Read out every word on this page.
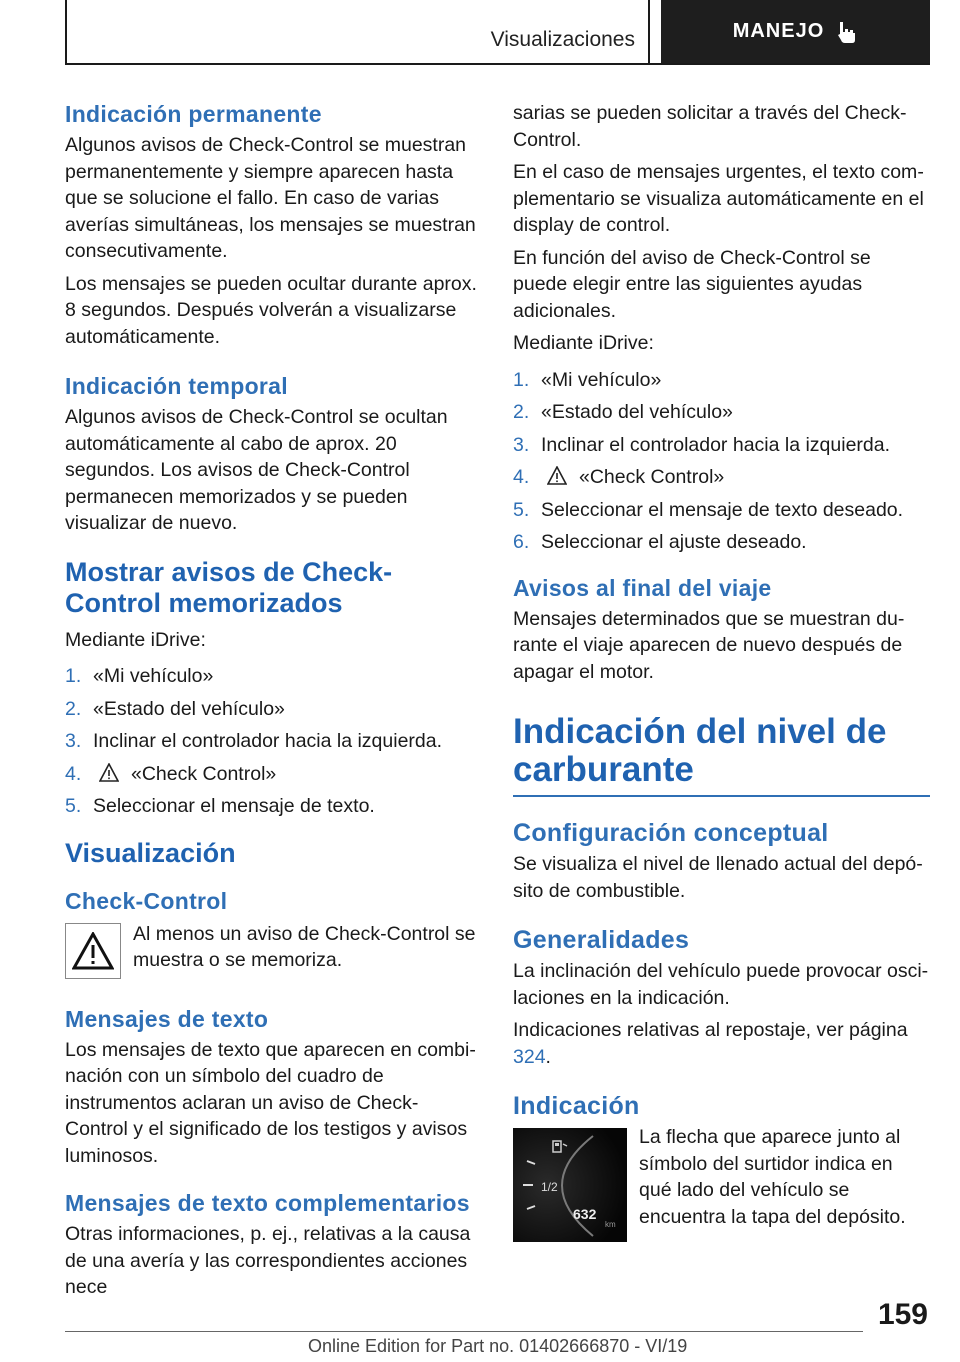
Visualizaciones	MANEJO
Indicación permanente

Algunos avisos de Check-Control se muestran permanentemente y siempre aparecen hasta que se solucione el fallo. En caso de varias averías simultáneas, los mensajes se muestran consecutivamente.

Los mensajes se pueden ocultar durante aprox. 8 segundos. Después volverán a visualizarse automáticamente.

Indicación temporal

Algunos avisos de Check-Control se ocultan automáticamente al cabo de aprox. 20 segundos. Los avisos de Check-Control permanecen memorizados y se pueden visualizar de nuevo.

Mostrar avisos de Check-Control memorizados

Mediante iDrive:

1. «Mi vehículo»
2. «Estado del vehículo»
3. Inclinar el controlador hacia la izquierda.
4.	«Check Control»
5. Seleccionar el mensaje de texto.
Visualización
Check-Control

Al menos un aviso de Check-Control se muestra o se memoriza.

Mensajes de texto

Los mensajes de texto que aparecen en combinación con un símbolo del cuadro de instrumentos aclaran un aviso de Check-Control y el significado de los testigos y avisos luminosos.

Mensajes de texto complementarios

Otras informaciones, p. ej., relativas a la causa de una avería y las correspondientes acciones nece

sarias se pueden solicitar a través del Check-Control.

En el caso de mensajes urgentes, el texto complementario se visualiza automáticamente en el display de control.

En función del aviso de Check-Control se puede elegir entre las siguientes ayudas adicionales.

Mediante iDrive:

1. «Mi vehículo»
2. «Estado del vehículo»
3. Inclinar el controlador hacia la izquierda.
4.	«Check Control»
5. Seleccionar el mensaje de texto deseado.
6. Seleccionar el ajuste deseado.
Avisos al final del viaje

Mensajes determinados que se muestran durante el viaje aparecen de nuevo después de apagar el motor.

Indicación del nivel de carburante
Configuración conceptual

Se visualiza el nivel de llenado actual del depósito de combustible.

Generalidades

La inclinación del vehículo puede provocar oscilaciones en la indicación.

Indicaciones relativas al repostaje, ver página 324.

Indicación
1/2
632
km

La flecha que aparece junto al símbolo del surtidor indica en qué lado del vehículo se encuentra la tapa del depósito.

159
Online Edition for Part no. 01402666870 - VI/19
